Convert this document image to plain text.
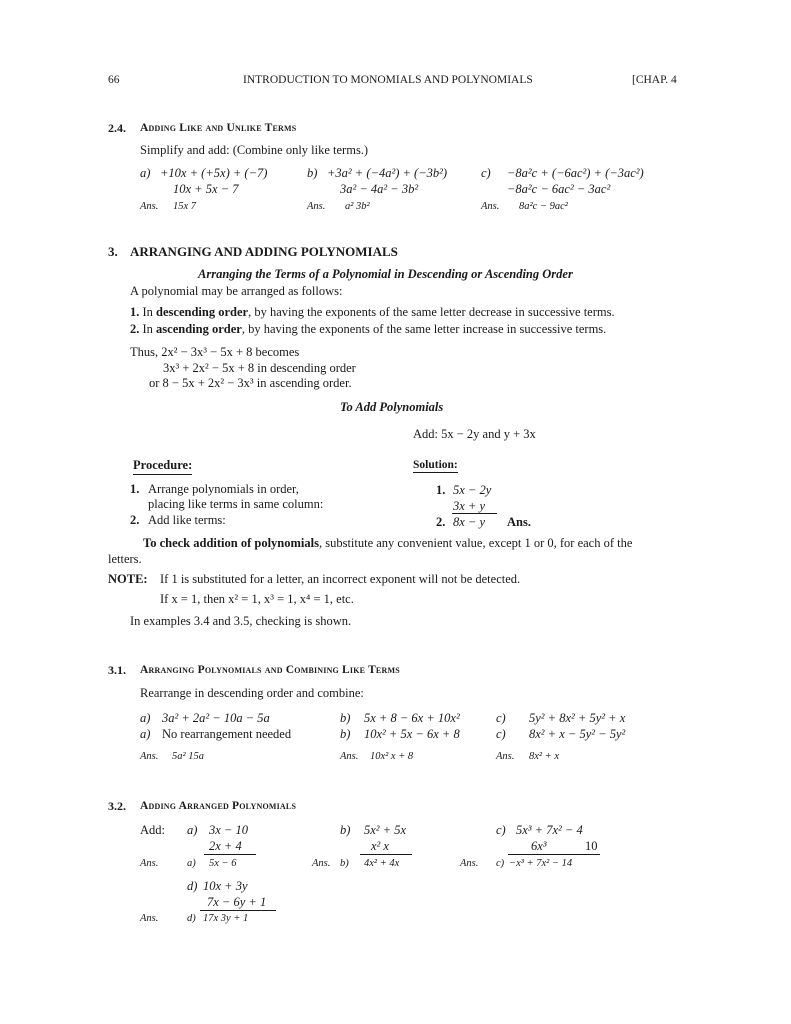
66	INTRODUCTION TO MONOMIALS AND POLYNOMIALS	[CHAP. 4
2.4. Adding Like and Unlike Terms
Simplify and add: (Combine only like terms.)
a) +10x + (+5x) + (−7)
10x + 5x − 7
Ans. 15x 7
b) +3a² + (−4a²) + (−3b²)
3a² − 4a² − 3b²
Ans. a² 3b²
c) −8a²c + (−6ac²) + (−3ac²)
−8a²c − 6ac² − 3ac²
Ans. 8a²c − 9ac²
3. ARRANGING AND ADDING POLYNOMIALS
Arranging the Terms of a Polynomial in Descending or Ascending Order
A polynomial may be arranged as follows:
1. In descending order, by having the exponents of the same letter decrease in successive terms.
2. In ascending order, by having the exponents of the same letter increase in successive terms.
Thus, 2x² − 3x³ − 5x + 8 becomes
3x³ + 2x² − 5x + 8 in descending order
or 8 − 5x + 2x² − 3x³ in ascending order.
To Add Polynomials
Add: 5x − 2y and y + 3x
Procedure:	Solution:
1. Arrange polynomials in order,
placing like terms in same column:
2. Add like terms:
1. 5x − 2y
3x + y
2. 8x − y Ans.
To check addition of polynomials, substitute any convenient value, except 1 or 0, for each of the
letters.
NOTE: If 1 is substituted for a letter, an incorrect exponent will not be detected.
If x = 1, then x² = 1, x³ = 1, x⁴ = 1, etc.
In examples 3.4 and 3.5, checking is shown.
3.1. Arranging Polynomials and Combining Like Terms
Rearrange in descending order and combine:
a) 3a² + 2a² − 10a − 5a
a) No rearrangement needed
Ans. 5a² 15a
b) 5x + 8 − 6x + 10x²
b) 10x² + 5x − 6x + 8
Ans. 10x² x + 8
c) 5y² + 8x² + 5y² + x
c) 8x² + x − 5y² − 5y²
Ans. 8x² + x
3.2. Adding Arranged Polynomials
Add: a) 3x − 10
2x + 4
Ans.	a) 5x − 6
b) 5x² + 5x
x² x
Ans. b) 4x² + 4x
c) 5x³ + 7x² − 4
6x³	10
Ans. c) −x³ + 7x² − 14
d) 10x + 3y
7x − 6y + 1
Ans.	d) 17x 3y + 1
